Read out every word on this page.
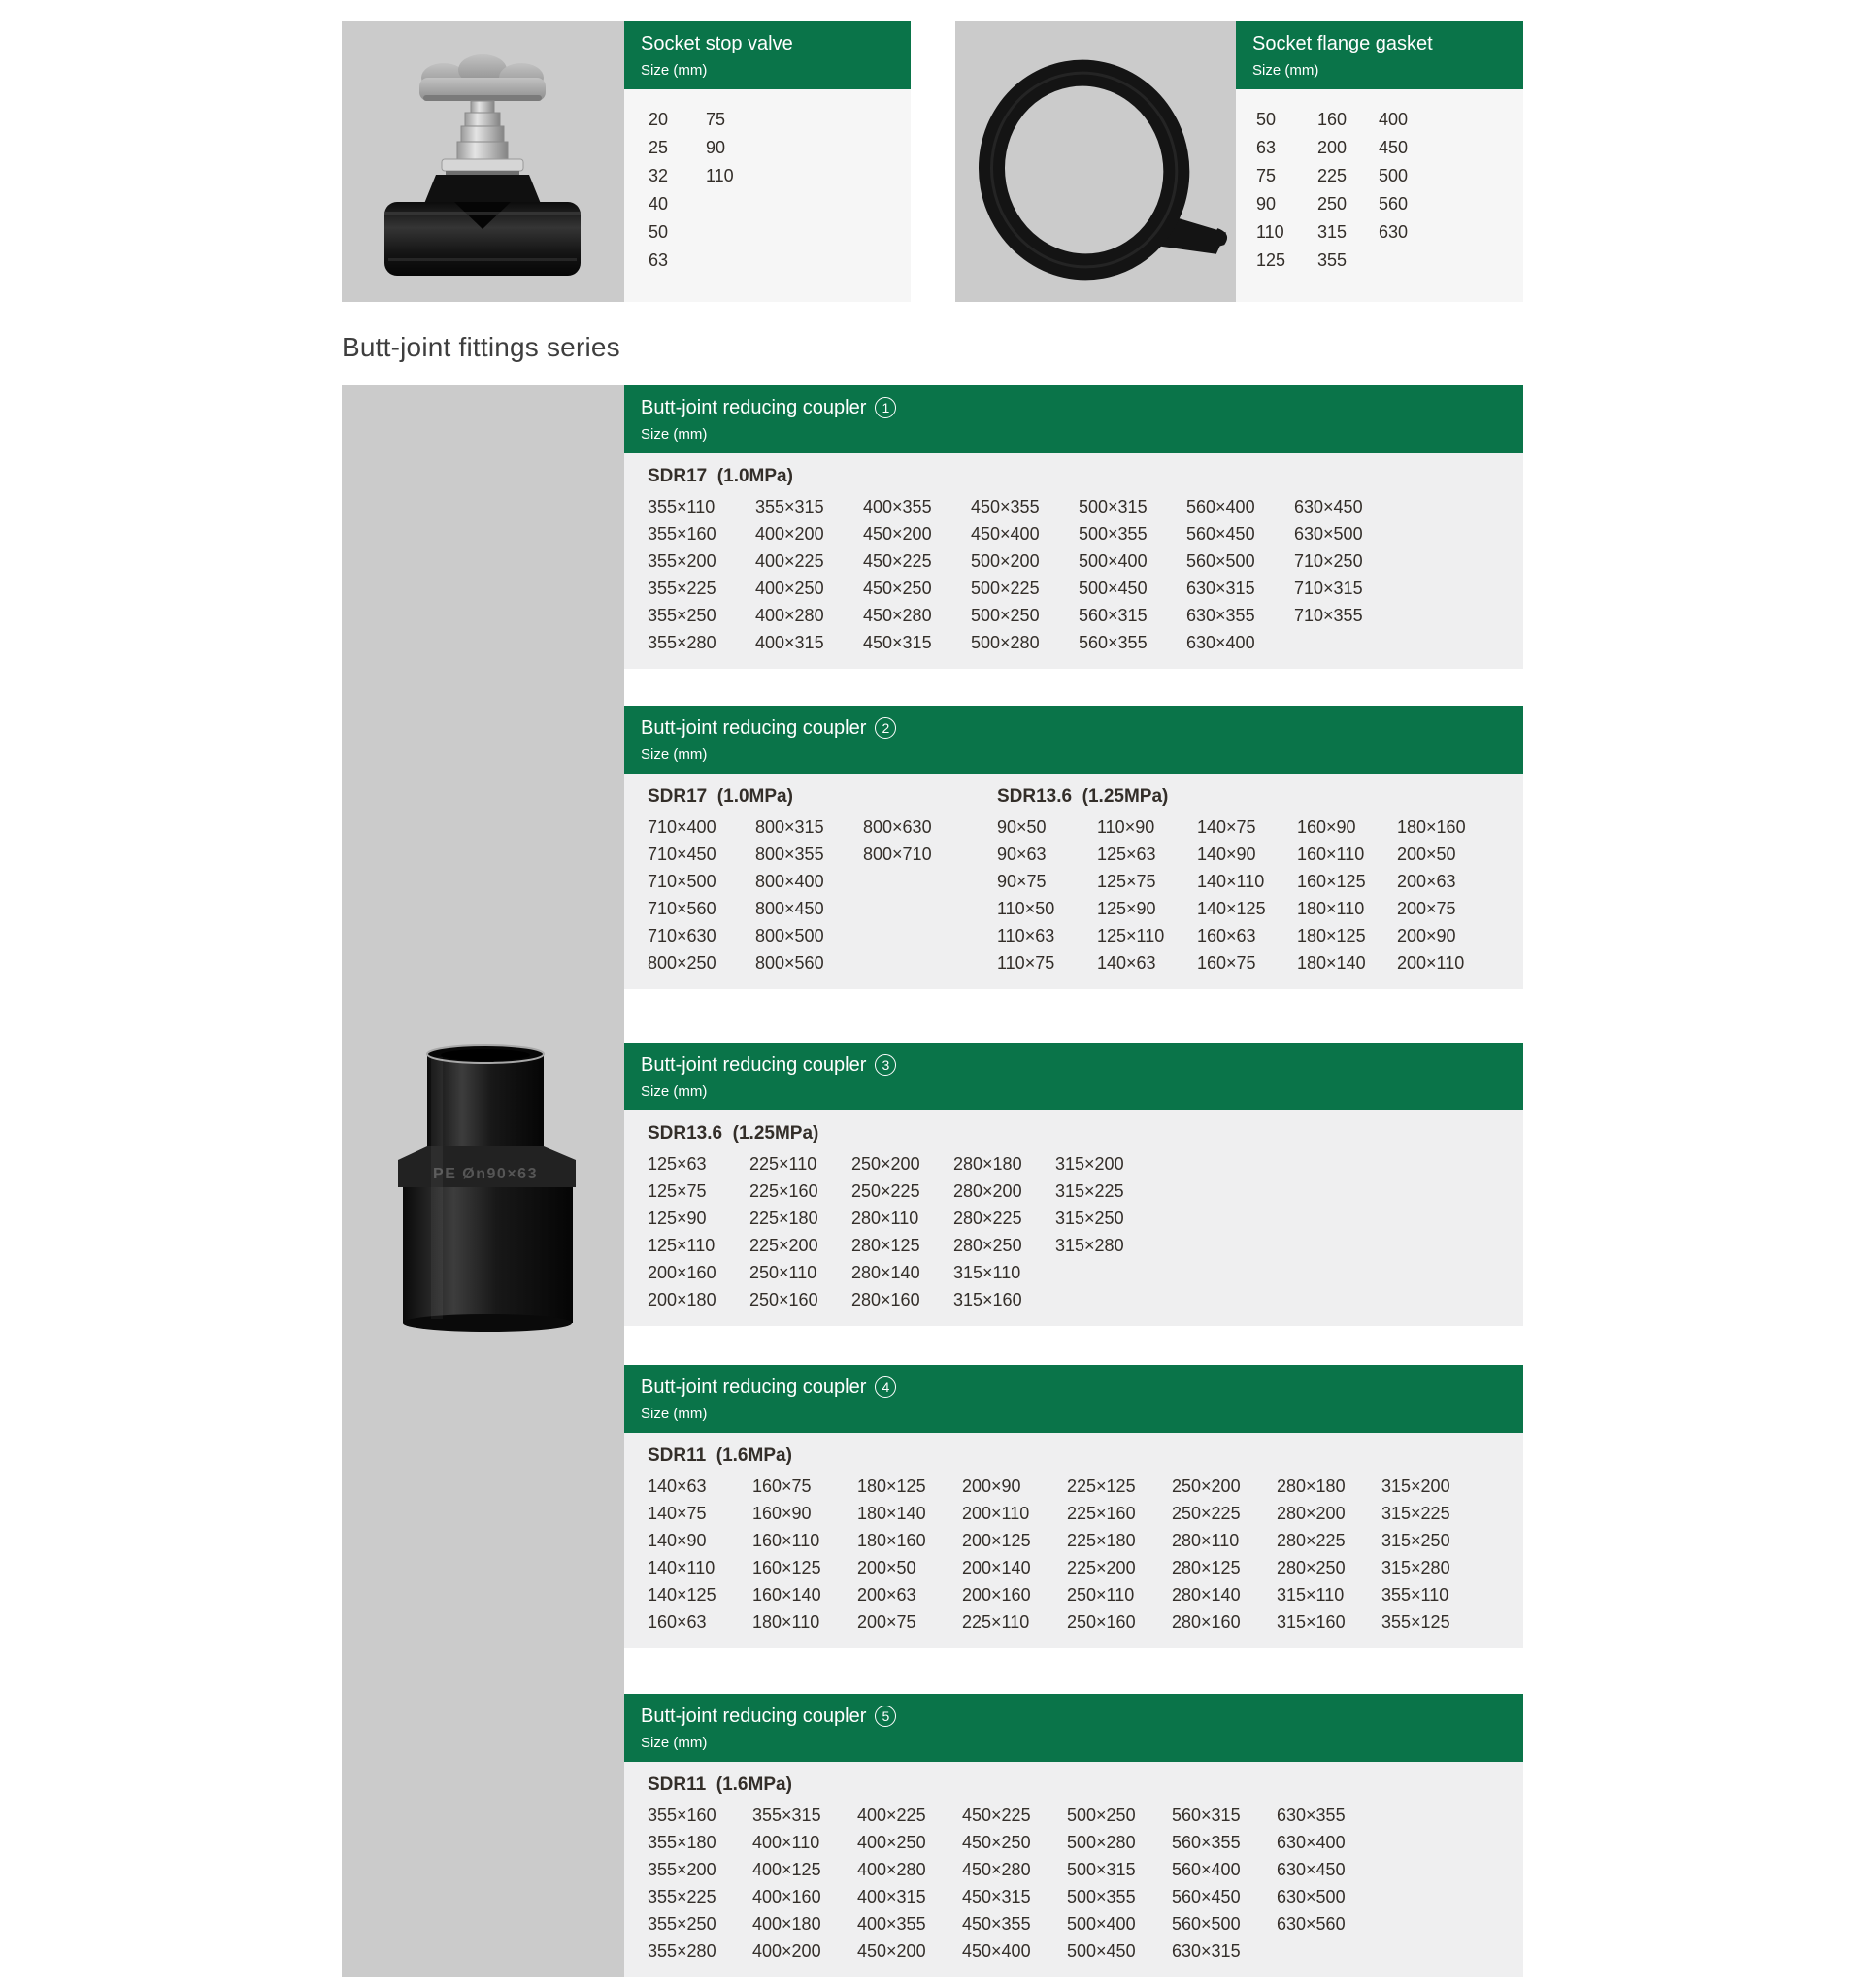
Socket stop valve
Size (mm)
20	75
25	90
32	110
40
50
63
Socket flange gasket
Size (mm)
50	160	400
63	200	450
75	225	500
90	250	560
110	315	630
125	355
Butt-joint fittings series
PE Øn90×63
Butt-joint reducing coupler	1
Size (mm)
SDR17  (1.0MPa)
355×110	355×315	400×355	450×355	500×315	560×400	630×450
355×160	400×200	450×200	450×400	500×355	560×450	630×500
355×200	400×225	450×225	500×200	500×400	560×500	710×250
355×225	400×250	450×250	500×225	500×450	630×315	710×315
355×250	400×280	450×280	500×250	560×315	630×355	710×355
355×280	400×315	450×315	500×280	560×355	630×400
Butt-joint reducing coupler	2
Size (mm)
SDR17  (1.0MPa)
710×400	800×315	800×630
710×450	800×355	800×710
710×500	800×400
710×560	800×450
710×630	800×500
800×250	800×560
SDR13.6  (1.25MPa)
90×50	110×90	140×75	160×90	180×160
90×63	125×63	140×90	160×110	200×50
90×75	125×75	140×110	160×125	200×63
110×50	125×90	140×125	180×110	200×75
110×63	125×110	160×63	180×125	200×90
110×75	140×63	160×75	180×140	200×110
Butt-joint reducing coupler	3
Size (mm)
SDR13.6  (1.25MPa)
125×63	225×110	250×200	280×180	315×200
125×75	225×160	250×225	280×200	315×225
125×90	225×180	280×110	280×225	315×250
125×110	225×200	280×125	280×250	315×280
200×160	250×110	280×140	315×110
200×180	250×160	280×160	315×160
Butt-joint reducing coupler	4
Size (mm)
SDR11  (1.6MPa)
140×63	160×75	180×125	200×90	225×125	250×200	280×180	315×200
140×75	160×90	180×140	200×110	225×160	250×225	280×200	315×225
140×90	160×110	180×160	200×125	225×180	280×110	280×225	315×250
140×110	160×125	200×50	200×140	225×200	280×125	280×250	315×280
140×125	160×140	200×63	200×160	250×110	280×140	315×110	355×110
160×63	180×110	200×75	225×110	250×160	280×160	315×160	355×125
Butt-joint reducing coupler	5
Size (mm)
SDR11  (1.6MPa)
355×160	355×315	400×225	450×225	500×250	560×315	630×355
355×180	400×110	400×250	450×250	500×280	560×355	630×400
355×200	400×125	400×280	450×280	500×315	560×400	630×450
355×225	400×160	400×315	450×315	500×355	560×450	630×500
355×250	400×180	400×355	450×355	500×400	560×500	630×560
355×280	400×200	450×200	450×400	500×450	630×315
